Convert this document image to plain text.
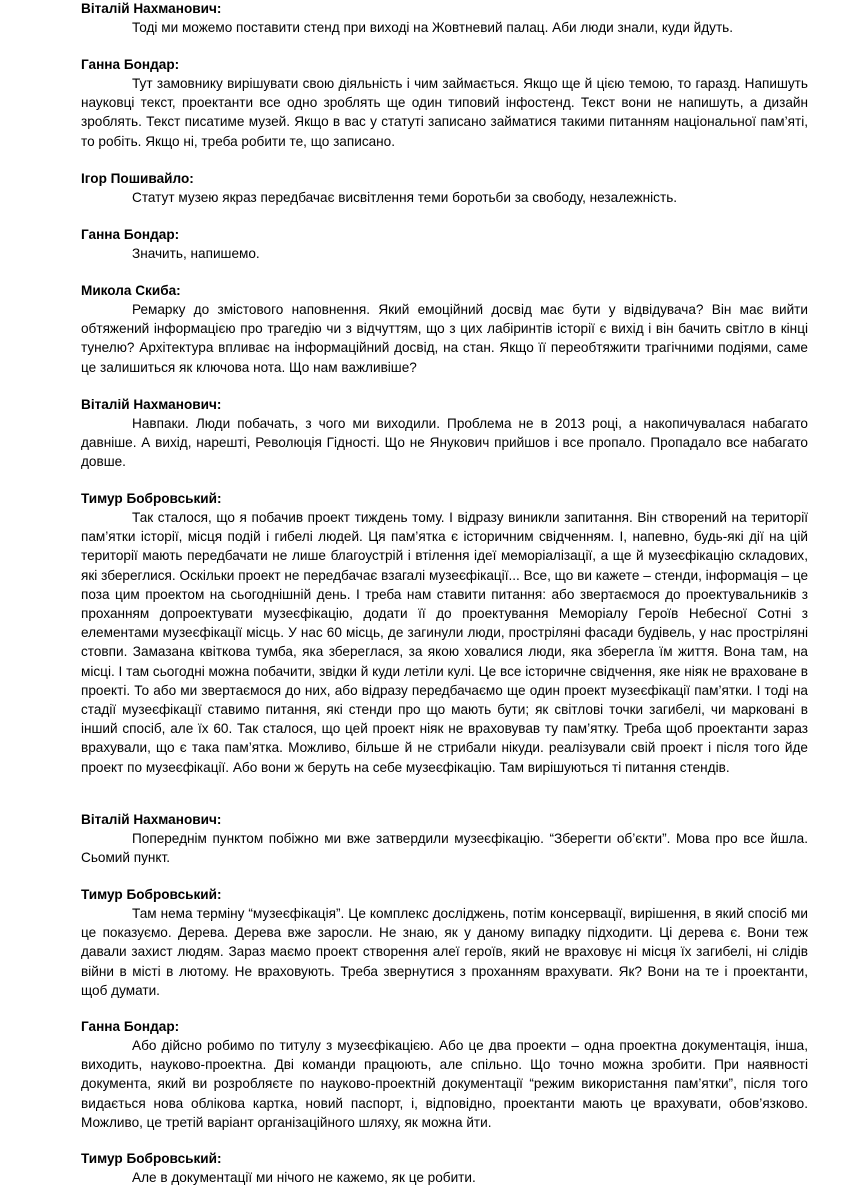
Віталій Нахманович:

Тоді ми можемо поставити стенд при виході на Жовтневий палац. Аби люди знали, куди йдуть.

Ганна Бондар:

Тут замовнику вирішувати свою діяльність і чим займається. Якщо ще й цією темою, то гаразд. Напишуть науковці текст, проектанти все одно зроблять ще один типовий інфостенд. Текст вони не напишуть, а дизайн зроблять. Текст писатиме музей. Якщо в вас у статуті записано займатися такими питанням національної пам’яті, то робіть. Якщо ні, треба робити те, що записано.

Ігор Пошивайло:

Статут музею якраз передбачає висвітлення теми боротьби за свободу, незалежність.

Ганна Бондар:

Значить, напишемо.

Микола Скиба:

Ремарку до змістового наповнення. Який емоційний досвід має бути у відвідувача? Він має вийти обтяжений інформацією про трагедію чи з відчуттям, що з цих лабіринтів історії є вихід і він бачить світло в кінці тунелю? Архітектура впливає на інформаційний досвід, на стан. Якщо її переобтяжити трагічними подіями, саме це залишиться як ключова нота. Що нам важливіше?

Віталій Нахманович:

Навпаки. Люди побачать, з чого ми виходили. Проблема не в 2013 році, а накопичувалася набагато давніше. А вихід, нарешті, Революція Гідності. Що не Янукович прийшов і все пропало. Пропадало все набагато довше.

Тимур Бобровський:

Так сталося, що я побачив проект тиждень тому. І відразу виникли запитання. Він створений на території пам’ятки історії, місця подій і гибелі людей. Ця пам’ятка є історичним свідченням. І, напевно, будь-які дії на цій території мають передбачати не лише благоустрій і втілення ідеї меморіалізації, а ще й музеєфікацію складових, які збереглися. Оскільки проект не передбачає взагалі музеєфікації... Все, що ви кажете – стенди, інформація – це поза цим проектом на сьогоднішній день. І треба нам ставити питання: або звертаємося до проектувальників з проханням допроектувати музеєфікацію, додати її до проектування Меморіалу Героїв Небесної Сотні з елементами музеєфікації місць. У нас 60 місць, де загинули люди, простріляні фасади будівель, у нас простріляні стовпи. Замазана квіткова тумба, яка збереглася, за якою ховалися люди, яка зберегла їм життя. Вона там, на місці. І там сьогодні можна побачити, звідки й куди летіли кулі. Це все історичне свідчення, яке ніяк не враховане в проекті. То або ми звертаємося до них, або відразу передбачаємо ще один проект музеєфікації пам’ятки. І тоді на стадії музеєфікації ставимо питання, які стенди про що мають бути; як світлові точки загибелі, чи марковані в інший спосіб, але їх 60. Так сталося, що цей проект ніяк не враховував ту пам’ятку. Треба щоб проектанти зараз врахували, що є така пам’ятка. Можливо, більше й не стрибали нікуди. реалізували свій проект і після того йде проект по музеєфікації. Або вони ж беруть на себе музеєфікацію. Там вирішуються ті питання стендів.

Віталій Нахманович:

Попереднім пунктом побіжно ми вже затвердили музеєфікацію. “Зберегти об’єкти”. Мова про все йшла. Сьомий пункт.

Тимур Бобровський:

Там нема терміну “музеєфікація”. Це комплекс досліджень, потім консервації, вирішення, в який спосіб ми це показуємо. Дерева. Дерева вже заросли. Не знаю, як у даному випадку підходити. Ці дерева є. Вони теж давали захист людям. Зараз маємо проект створення алеї героїв, який не враховує ні місця їх загибелі, ні слідів війни в місті в лютому. Не враховують. Треба звернутися з проханням врахувати. Як? Вони на те і проектанти, щоб думати.

Ганна Бондар:

Або дійсно робимо по титулу з музеєфікацією. Або це два проекти – одна проектна документація, інша, виходить, науково-проектна. Дві команди працюють, але спільно. Що точно можна зробити. При наявності документа, який ви розробляєте по науково-проектній документації “режим використання пам’ятки”, після того видається нова облікова картка, новий паспорт, і, відповідно, проектанти мають це врахувати, обов’язково. Можливо, це третій варіант організаційного шляху, як можна йти.

Тимур Бобровський:

Але в документації ми нічого не кажемо, як це робити.
